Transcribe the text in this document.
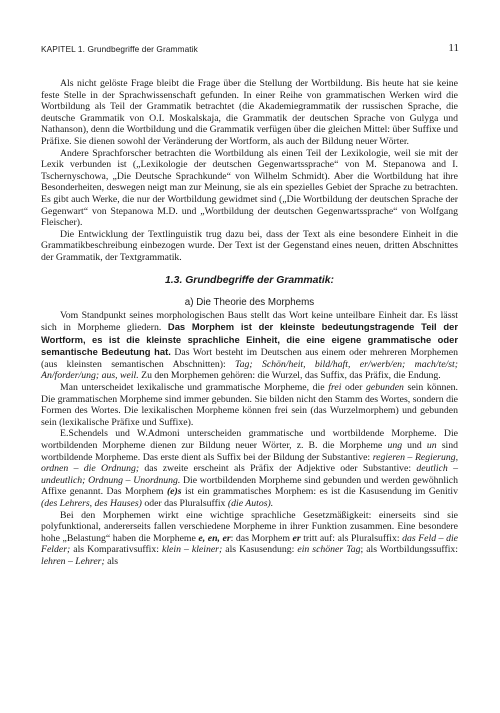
KAPITEL 1. Grundbegriffe der Grammatik	11

Als nicht gelöste Frage bleibt die Frage über die Stellung der Wortbildung. Bis heute hat sie keine feste Stelle in der Sprachwissenschaft gefunden. In einer Reihe von grammatischen Werken wird die Wortbildung als Teil der Grammatik betrachtet (die Akademiegrammatik der russischen Sprache, die deutsche Grammatik von O.I. Moskalskaja, die Grammatik der deutschen Sprache von Gulyga und Nathanson), denn die Wortbildung und die Grammatik verfügen über die gleichen Mittel: über Suffixe und Präfixe. Sie dienen sowohl der Veränderung der Wortform, als auch der Bildung neuer Wörter.

Andere Sprachforscher betrachten die Wortbildung als einen Teil der Lexikologie, weil sie mit der Lexik verbunden ist („Lexikologie der deutschen Gegenwartssprache“ von M. Stepanowa and I. Tschernyschowa, „Die Deutsche Sprachkunde“ von Wilhelm Schmidt). Aber die Wortbildung hat ihre Besonderheiten, deswegen neigt man zur Meinung, sie als ein spezielles Gebiet der Sprache zu betrachten. Es gibt auch Werke, die nur der Wortbildung gewidmet sind („Die Wortbildung der deutschen Sprache der Gegenwart“ von Stepanowa M.D. und „Wortbildung der deutschen Gegenwartssprache“ von Wolfgang Fleischer).

Die Entwicklung der Textlinguistik trug dazu bei, dass der Text als eine besondere Einheit in die Grammatikbeschreibung einbezogen wurde. Der Text ist der Gegenstand eines neuen, dritten Abschnittes der Grammatik, der Textgrammatik.

1.3. Grundbegriffe der Grammatik:
a) Die Theorie des Morphems

Vom Standpunkt seines morphologischen Baus stellt das Wort keine unteilbare Einheit dar. Es lässt sich in Morpheme gliedern. Das Morphem ist der kleinste bedeutungstragende Teil der Wortform, es ist die kleinste sprachliche Einheit, die eine eigene grammatische oder semantische Bedeutung hat. Das Wort besteht im Deutschen aus einem oder mehreren Morphemen (aus kleinsten semantischen Abschnitten): Tag; Schön/heit, bild/haft, er/werb/en; mach/te/st; An/forder/ung; aus, weil. Zu den Morphemen gehören: die Wurzel, das Suffix, das Präfix, die Endung.

Man unterscheidet lexikalische und grammatische Morpheme, die frei oder gebunden sein können. Die grammatischen Morpheme sind immer gebunden. Sie bilden nicht den Stamm des Wortes, sondern die Formen des Wortes. Die lexikalischen Morpheme können frei sein (das Wurzelmorphem) und gebunden sein (lexikalische Präfixe und Suffixe).

E.Schendels und W.Admoni unterscheiden grammatische und wortbildende Morpheme. Die wortbildenden Morpheme dienen zur Bildung neuer Wörter, z. B. die Morpheme ung und un sind wortbildende Morpheme. Das erste dient als Suffix bei der Bildung der Substantive: regieren – Regierung, ordnen – die Ordnung; das zweite erscheint als Präfix der Adjektive oder Substantive: deutlich – undeutlich; Ordnung – Unordnung. Die wortbildenden Morpheme sind gebunden und werden gewöhnlich Affixe genannt. Das Morphem (e)s ist ein grammatisches Morphem: es ist die Kasusendung im Genitiv (des Lehrers, des Hauses) oder das Pluralsuffix (die Autos).

Bei den Morphemen wirkt eine wichtige sprachliche Gesetzmäßigkeit: einerseits sind sie polyfunktional, andererseits fallen verschiedene Morpheme in ihrer Funktion zusammen. Eine besondere hohe „Belastung“ haben die Morpheme e, en, er: das Morphem er tritt auf: als Pluralsuffix: das Feld – die Felder; als Komparativsuffix: klein – kleiner; als Kasusendung: ein schöner Tag; als Wortbildungssuffix: lehren – Lehrer; als
